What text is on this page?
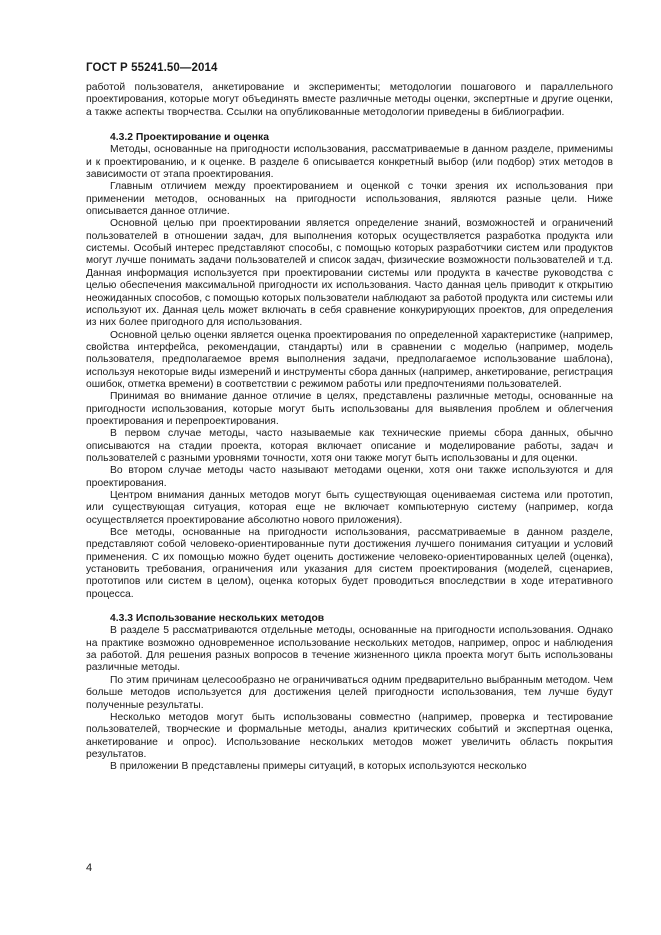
ГОСТ Р 55241.50—2014

работой пользователя, анкетирование и эксперименты; методологии пошагового и параллельного проектирования, которые могут объединять вместе различные методы оценки, экспертные и другие оценки, а также аспекты творчества. Ссылки на опубликованные методологии приведены в библиографии.

4.3.2 Проектирование и оценка

Методы, основанные на пригодности использования, рассматриваемые в данном разделе, применимы и к проектированию, и к оценке. В разделе 6 описывается конкретный выбор (или подбор) этих методов в зависимости от этапа проектирования.

Главным отличием между проектированием и оценкой с точки зрения их использования при применении методов, основанных на пригодности использования, являются разные цели. Ниже описывается данное отличие.

Основной целью при проектировании является определение знаний, возможностей и ограничений пользователей в отношении задач, для выполнения которых осуществляется разработка продукта или системы. Особый интерес представляют способы, с помощью которых разработчики систем или продуктов могут лучше понимать задачи пользователей и список задач, физические возможности пользователей и т.д. Данная информация используется при проектировании системы или продукта в качестве руководства с целью обеспечения максимальной пригодности их использования. Часто данная цель приводит к открытию неожиданных способов, с помощью которых пользователи наблюдают за работой продукта или системы или используют их. Данная цель может включать в себя сравнение конкурирующих проектов, для определения из них более пригодного для использования.

Основной целью оценки является оценка проектирования по определенной характеристике (например, свойства интерфейса, рекомендации, стандарты) или в сравнении с моделью (например, модель пользователя, предполагаемое время выполнения задачи, предполагаемое использование шаблона), используя некоторые виды измерений и инструменты сбора данных (например, анкетирование, регистрация ошибок, отметка времени) в соответствии с режимом работы или предпочтениями пользователей.

Принимая во внимание данное отличие в целях, представлены различные методы, основанные на пригодности использования, которые могут быть использованы для выявления проблем и облегчения проектирования и перепроектирования.

В первом случае методы, часто называемые как технические приемы сбора данных, обычно описываются на стадии проекта, которая включает описание и моделирование работы, задач и пользователей с разными уровнями точности, хотя они также могут быть использованы и для оценки.

Во втором случае методы часто называют методами оценки, хотя они также используются и для проектирования.

Центром внимания данных методов могут быть существующая оцениваемая система или прототип, или существующая ситуация, которая еще не включает компьютерную систему (например, когда осуществляется проектирование абсолютно нового приложения).

Все методы, основанные на пригодности использования, рассматриваемые в данном разделе, представляют собой человеко-ориентированные пути достижения лучшего понимания ситуации и условий применения. С их помощью можно будет оценить достижение человеко-ориентированных целей (оценка), установить требования, ограничения или указания для систем проектирования (моделей, сценариев, прототипов или систем в целом), оценка которых будет проводиться впоследствии в ходе итеративного процесса.

4.3.3 Использование нескольких методов

В разделе 5 рассматриваются отдельные методы, основанные на пригодности использования. Однако на практике возможно одновременное использование нескольких методов, например, опрос и наблюдения за работой. Для решения разных вопросов в течение жизненного цикла проекта могут быть использованы различные методы.

По этим причинам целесообразно не ограничиваться одним предварительно выбранным методом. Чем больше методов используется для достижения целей пригодности использования, тем лучше будут полученные результаты.

Несколько методов могут быть использованы совместно (например, проверка и тестирование пользователей, творческие и формальные методы, анализ критических событий и экспертная оценка, анкетирование и опрос). Использование нескольких методов может увеличить область покрытия результатов.

В приложении В представлены примеры ситуаций, в которых используются несколько

4
